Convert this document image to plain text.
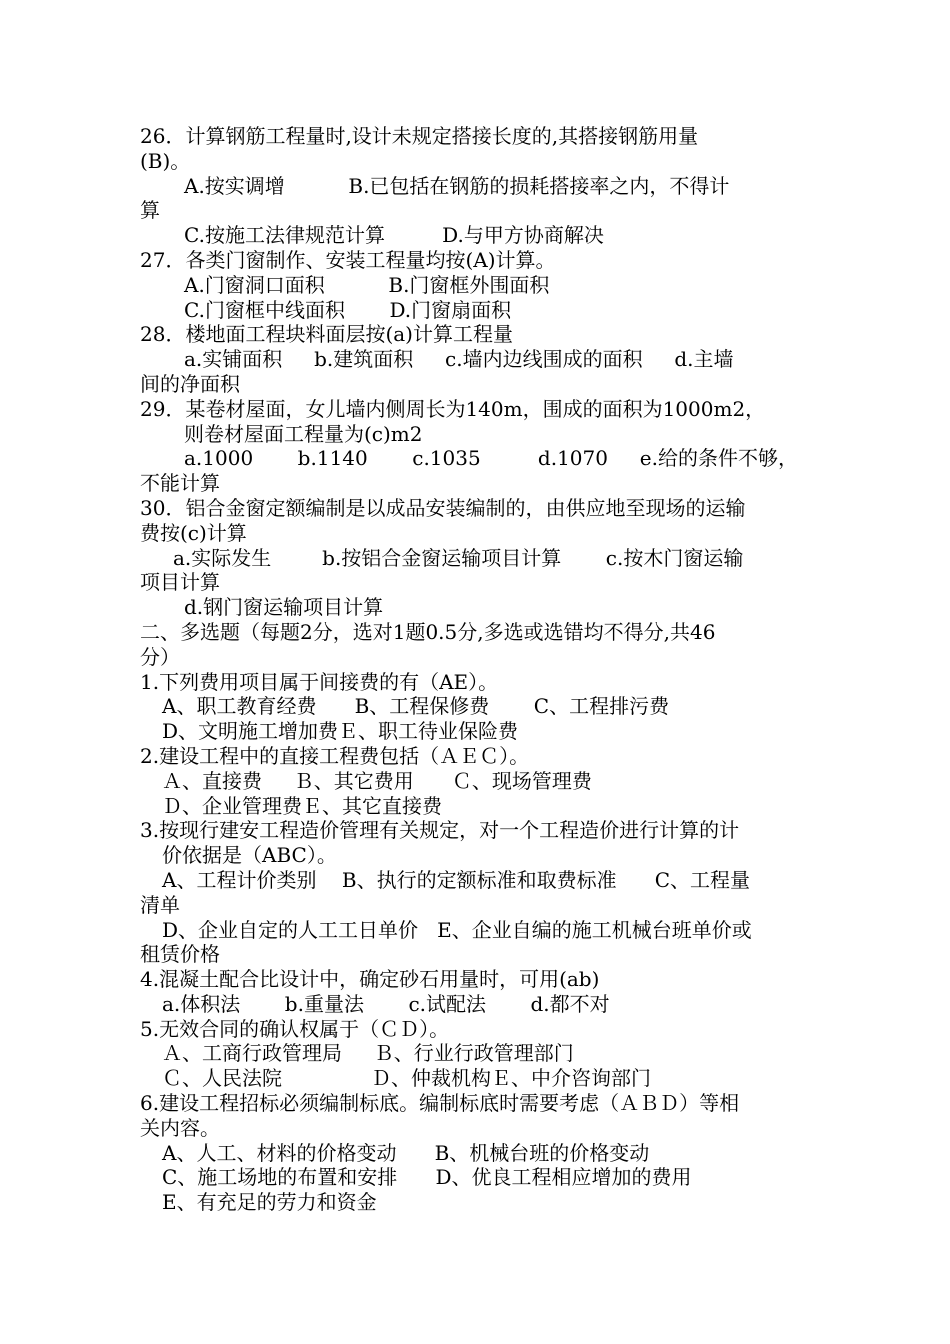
26．计算钢筋工程量时,设计未规定搭接长度的,其搭接钢筋用量
(B)。
A.按实调增          B.已包括在钢筋的损耗搭接率之内，不得计
算
C.按施工法律规范计算         D.与甲方协商解决
27．各类门窗制作、安装工程量均按(A)计算。
A.门窗洞口面积          B.门窗框外围面积
C.门窗框中线面积       D.门窗扇面积
28．楼地面工程块料面层按(a)计算工程量
a.实铺面积     b.建筑面积     c.墙内边线围成的面积     d.主墙
间的净面积
29．某卷材屋面，女儿墙内侧周长为140m，围成的面积为1000m2，
则卷材屋面工程量为(c)m2
a.1000       b.1140       c.1035         d.1070     e.给的条件不够，
不能计算
30．铝合金窗定额编制是以成品安装编制的，由供应地至现场的运输
费按(c)计算
a.实际发生        b.按铝合金窗运输项目计算       c.按木门窗运输
项目计算
d.钢门窗运输项目计算
二、多选题（每题2分，选对1题0.5分,多选或选错均不得分,共46
分）
1.下列费用项目属于间接费的有（AE）。
A、职工教育经费      B、工程保修费       C、工程排污费
D、文明施工增加费Ｅ、职工待业保险费
2.建设工程中的直接工程费包括（ＡＥＣ）。
Ａ、直接费     Ｂ、其它费用      Ｃ、现场管理费
Ｄ、企业管理费Ｅ、其它直接费
3.按现行建安工程造价管理有关规定，对一个工程造价进行计算的计
价依据是（ABC）。
A、工程计价类别    B、执行的定额标准和取费标准      C、工程量
清单
D、企业自定的人工工日单价   E、企业自编的施工机械台班单价或
租赁价格
4.混凝土配合比设计中，确定砂石用量时，可用(ab)
a.体积法       b.重量法       c.试配法       d.都不对
5.无效合同的确认权属于（ＣＤ）。
Ａ、工商行政管理局     Ｂ、行业行政管理部门
Ｃ、人民法院              Ｄ、仲裁机构Ｅ、中介咨询部门
6.建设工程招标必须编制标底。编制标底时需要考虑（ＡＢＤ）等相
关内容。
A、人工、材料的价格变动      B、机械台班的价格变动
C、施工场地的布置和安排      D、优良工程相应增加的费用
E、有充足的劳力和资金
